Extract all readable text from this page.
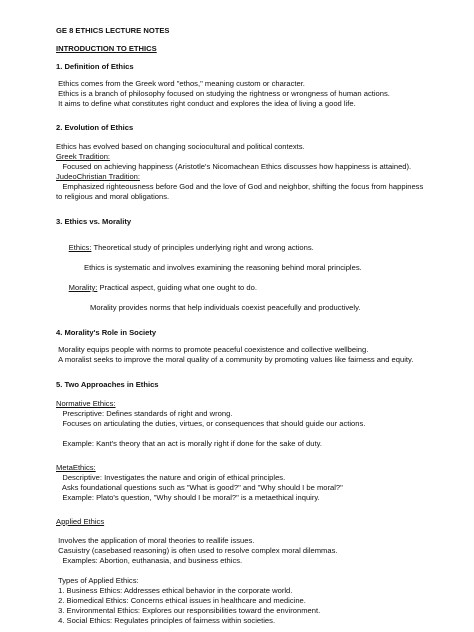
GE 8 ETHICS LECTURE NOTES
INTRODUCTION TO ETHICS
1. Definition of Ethics
Ethics comes from the Greek word "ethos," meaning custom or character.
Ethics is a branch of philosophy focused on studying the rightness or wrongness of human actions.
It aims to define what constitutes right conduct and explores the idea of living a good life.
2. Evolution of Ethics
Ethics has evolved based on changing sociocultural and political contexts.
Greek Tradition:
Focused on achieving happiness (Aristotle's Nicomachean Ethics discusses how happiness is attained).
JudeoChristian Tradition:
Emphasized righteousness before God and the love of God and neighbor, shifting the focus from happiness to religious and moral obligations.
3. Ethics vs. Morality

Ethics: Theoretical study of principles underlying right and wrong actions.

Ethics is systematic and involves examining the reasoning behind moral principles.

Morality: Practical aspect, guiding what one ought to do.

Morality provides norms that help individuals coexist peacefully and productively.
4. Morality's Role in Society
Morality equips people with norms to promote peaceful coexistence and collective wellbeing.
A moralist seeks to improve the moral quality of a community by promoting values like fairness and equity.
5. Two Approaches in Ethics
Normative Ethics:
Prescriptive: Defines standards of right and wrong.
Focuses on articulating the duties, virtues, or consequences that should guide our actions.
Example: Kant's theory that an act is morally right if done for the sake of duty.
MetaEthics:
Descriptive: Investigates the nature and origin of ethical principles.
Asks foundational questions such as "What is good?" and "Why should I be moral?"
Example: Plato's question, "Why should I be moral?" is a metaethical inquiry.
Applied Ethics
Involves the application of moral theories to reallife issues.
Casuistry (casebased reasoning) is often used to resolve complex moral dilemmas.
Examples: Abortion, euthanasia, and business ethics.
Types of Applied Ethics:
1. Business Ethics: Addresses ethical behavior in the corporate world.
2. Biomedical Ethics: Concerns ethical issues in healthcare and medicine.
3. Environmental Ethics: Explores our responsibilities toward the environment.
4. Social Ethics: Regulates principles of fairness within societies.
